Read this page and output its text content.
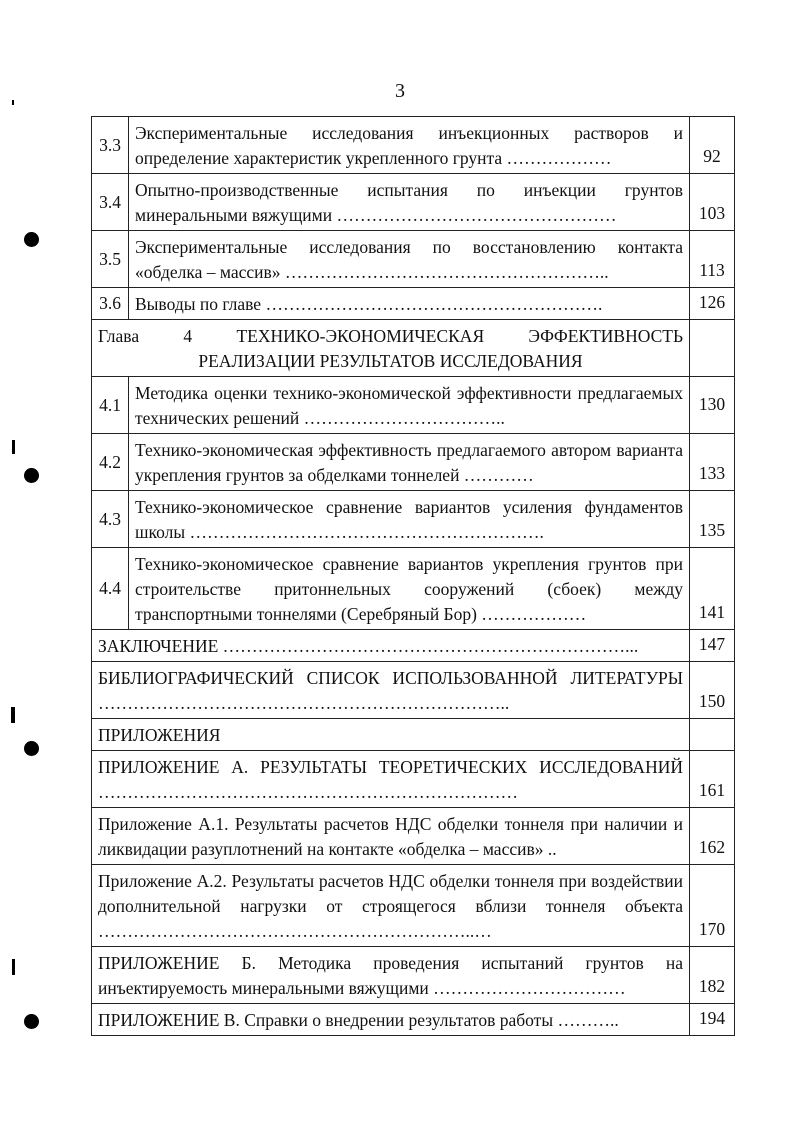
3
3.3	Экспериментальные исследования инъекционных растворов и определение характеристик укрепленного грунта ………………	92
3.4	Опытно-производственные испытания по инъекции грунтов минеральными вяжущими …………………………………………	103
3.5	Экспериментальные исследования по восстановлению контакта «обделка – массив» ………………………………………………..	113
3.6	Выводы по главе ………………………………………………….	126

Глава 4 ТЕХНИКО-ЭКОНОМИЧЕСКАЯ ЭФФЕКТИВНОСТЬ
РЕАЛИЗАЦИИ РЕЗУЛЬТАТОВ ИССЛЕДОВАНИЯ		

4.1	Методика оценки технико-экономической эффективности предлагаемых технических решений ……………………………..	130
4.2	Технико-экономическая эффективность предлагаемого автором варианта укрепления грунтов за обделками тоннелей …………	133
4.3	Технико-экономическое сравнение вариантов усиления фундаментов школы …………………………………………………….	135
4.4	Технико-экономическое сравнение вариантов укрепления грунтов при строительстве притоннельных сооружений (сбоек) между транспортными тоннелями (Серебряный Бор) ………………	141
ЗАКЛЮЧЕНИЕ ……………………………………………………………...		147
БИБЛИОГРАФИЧЕСКИЙ СПИСОК ИСПОЛЬЗОВАННОЙ ЛИТЕРАТУРЫ ……………………………………………………………..		150
ПРИЛОЖЕНИЯ		
ПРИЛОЖЕНИЕ А. РЕЗУЛЬТАТЫ ТЕОРЕТИЧЕСКИХ ИССЛЕДОВАНИЙ ………………………………………………………………		161
Приложение А.1. Результаты расчетов НДС обделки тоннеля при наличии и ликвидации разуплотнений на контакте «обделка – массив» ..		162
Приложение А.2. Результаты расчетов НДС обделки тоннеля при воздействии дополнительной нагрузки от строящегося вблизи тоннеля объекта ………………………………………………………..…		170
ПРИЛОЖЕНИЕ Б. Методика проведения испытаний грунтов на инъектируемость минеральными вяжущими ……………………………		182
ПРИЛОЖЕНИЕ В. Справки о внедрении результатов работы ………..		194
